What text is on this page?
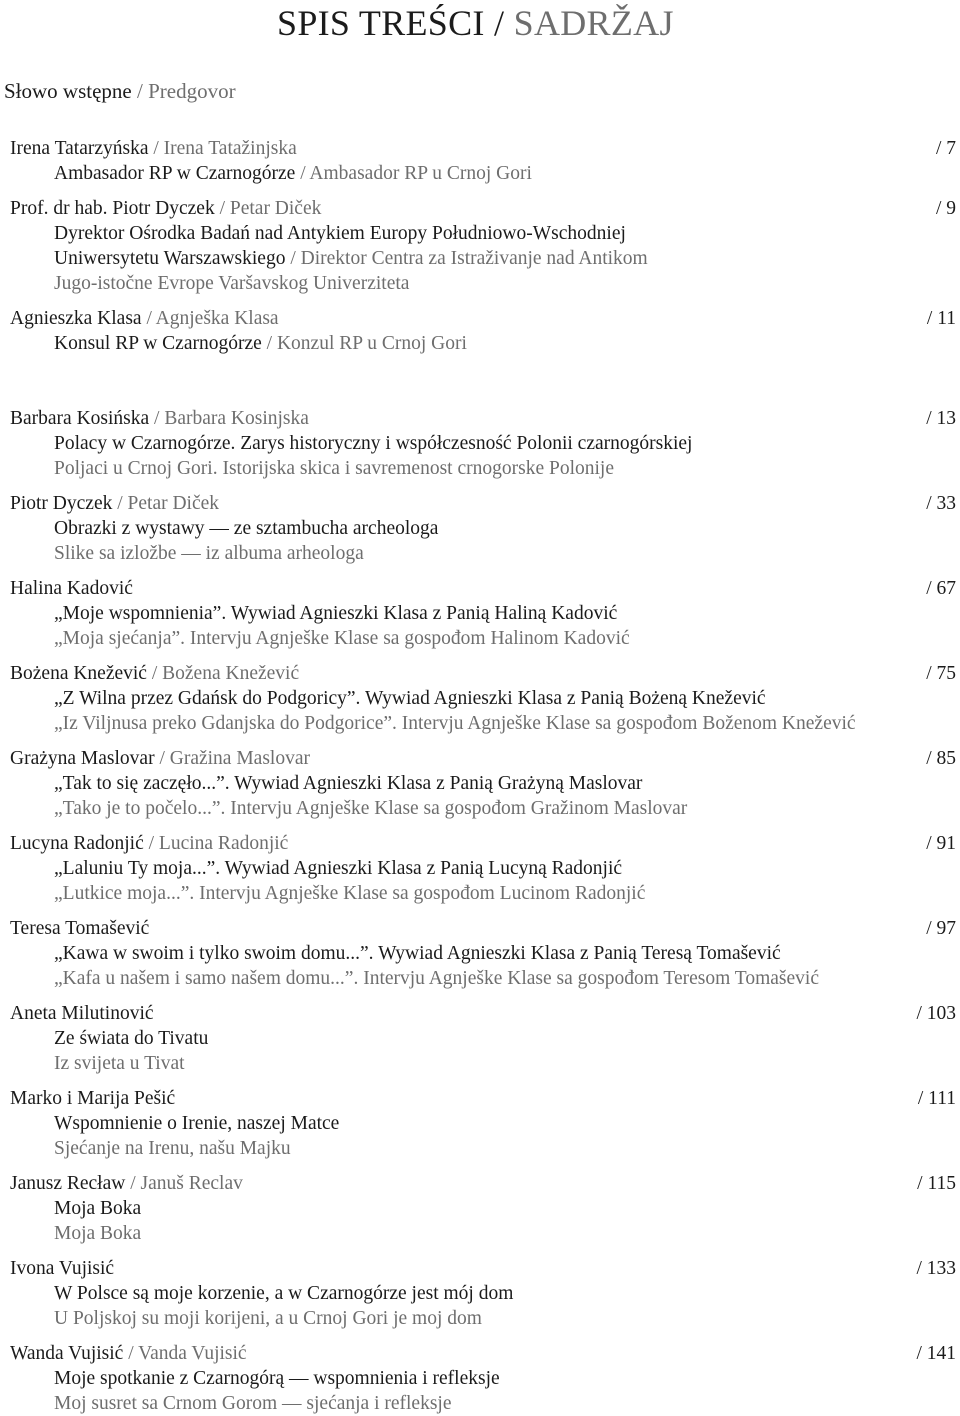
SPIS TREŚCI / SADRŽAJ
Słowo wstępne / Predgovor
Irena Tatarzyńska / Irena Tatažinjska	/ 7
Ambasador RP w Czarnogórze / Ambasador RP u Crnoj Gori
Prof. dr hab. Piotr Dyczek / Petar Diček	/ 9
Dyrektor Ośrodka Badań nad Antykiem Europy Południowo-Wschodniej
Uniwersytetu Warszawskiego / Direktor Centra za Istraživanje nad Antikom
Jugo-istočne Evrope Varšavskog Univerziteta
Agnieszka Klasa / Agnješka Klasa	/ 11
Konsul RP w Czarnogórze / Konzul RP u Crnoj Gori
Barbara Kosińska / Barbara Kosinjska	/ 13
Polacy w Czarnogórze. Zarys historyczny i współczesność Polonii czarnogórskiej
Poljaci u Crnoj Gori. Istorijska skica i savremenost crnogorske Polonije
Piotr Dyczek / Petar Diček	/ 33
Obrazki z wystawy — ze sztambucha archeologa
Slike sa izložbe — iz albuma arheologa
Halina Kadović	/ 67
„Moje wspomnienia”. Wywiad Agnieszki Klasa z Panią Haliną Kadović
„Moja sjećanja”. Intervju Agnješke Klase sa gospođom Halinom Kadović
Bożena Knežević / Božena Knežević	/ 75
„Z Wilna przez Gdańsk do Podgoricy”. Wywiad Agnieszki Klasa z Panią Bożeną Knežević
„Iz Viljnusa preko Gdanjska do Podgorice”. Intervju Agnješke Klase sa gospođom Boženom Knežević
Grażyna Maslovar / Gražina Maslovar	/ 85
„Tak to się zaczęło...”. Wywiad Agnieszki Klasa z Panią Grażyną Maslovar
„Tako je to počelo...”. Intervju Agnješke Klase sa gospođom Gražinom Maslovar
Lucyna Radonjić / Lucina Radonjić	/ 91
„Laluniu Ty moja...”. Wywiad Agnieszki Klasa z Panią Lucyną Radonjić
„Lutkice moja...”. Intervju Agnješke Klase sa gospođom Lucinom Radonjić
Teresa Tomašević	/ 97
„Kawa w swoim i tylko swoim domu...”. Wywiad Agnieszki Klasa z Panią Teresą Tomašević
„Kafa u našem i samo našem domu...”. Intervju Agnješke Klase sa gospođom Teresom Tomašević
Aneta Milutinović	/ 103
Ze świata do Tivatu
Iz svijeta u Tivat
Marko i Marija Pešić	/ 111
Wspomnienie o Irenie, naszej Matce
Sjećanje na Irenu, našu Majku
Janusz Recław / Januš Reclav	/ 115
Moja Boka
Moja Boka
Ivona Vujisić	/ 133
W Polsce są moje korzenie, a w Czarnogórze jest mój dom
U Poljskoj su moji korijeni, a u Crnoj Gori je moj dom
Wanda Vujisić / Vanda Vujisić	/ 141
Moje spotkanie z Czarnogórą — wspomnienia i refleksje
Moj susret sa Crnom Gorom — sjećanja i refleksje
